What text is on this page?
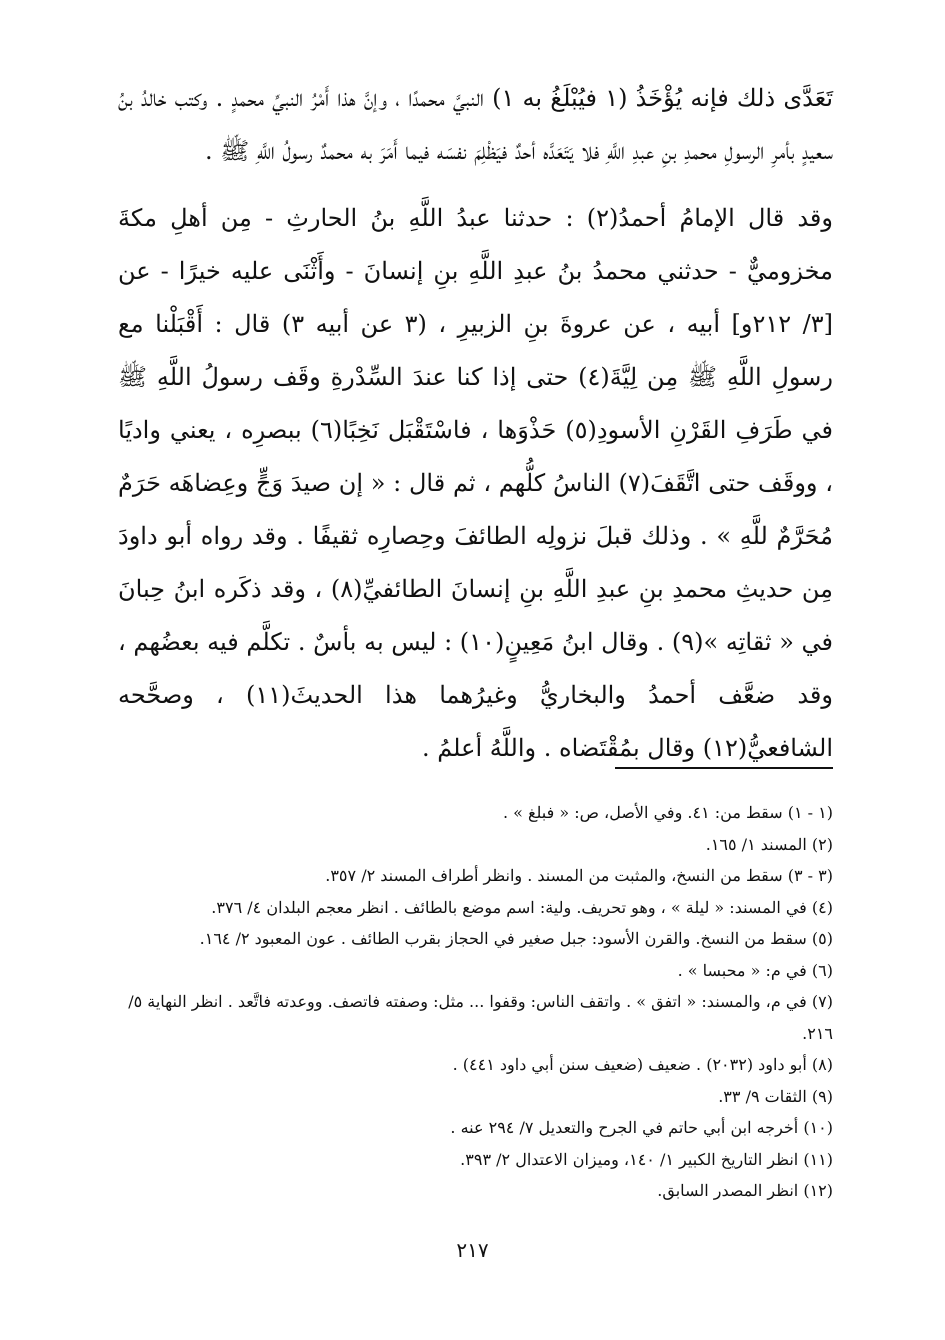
تَعَدَّى ذلك فإنه يُؤْخَذُ (١ فيُبْلَغُ به ١) النبيَّ محمدًا ، وإنَّ هذا أَمْرُ النبيِّ محمدٍ . وكتب خالدُ بنُ سعيدٍ بأمرِ الرسولِ محمدِ بنِ عبدِ اللَّهِ فلا يَتَعَدَّه أحدٌ فيَظْلِمَ نفسَه فيما أَمَرَ به محمدٌ رسولُ اللَّهِ ﷺ .

وقد قال الإمامُ أحمدُ(٢) : حدثنا عبدُ اللَّهِ بنُ الحارثِ - مِن أهلِ مكةَ مخزوميٌّ - حدثني محمدُ بنُ عبدِ اللَّهِ بنِ إنسانَ - وأَثْنَى عليه خيرًا - عن [٣/ ٢١٢و] أبيه ، عن عروةَ بنِ الزبيرِ ، (٣ عن أبيه ٣) قال : أَقْبَلْنا مع رسولِ اللَّهِ ﷺ مِن لِيَّةَ(٤) حتى إذا كنا عندَ السِّدْرةِ وقَف رسولُ اللَّهِ ﷺ في طَرَفِ القَرْنِ الأسودِ(٥) حَذْوَها ، فاسْتَقْبَل نَخِبًا(٦) ببصرِه ، يعني واديًا ، ووقَف حتى اتَّقَفَ(٧) الناسُ كلُّهم ، ثم قال : « إن صيدَ وَجٍّ وعِضاهَه حَرَمٌ مُحَرَّمٌ للَّهِ » . وذلك قبلَ نزولِه الطائفَ وحِصارِه ثقيفًا . وقد رواه أبو داودَ مِن حديثِ محمدِ بنِ عبدِ اللَّهِ بنِ إنسانَ الطائفيِّ(٨) ، وقد ذكَره ابنُ حِبانَ في « ثقاتِه »(٩) . وقال ابنُ مَعِينٍ(١٠) : ليس به بأسٌ . تكلَّم فيه بعضُهم ، وقد ضعَّف أحمدُ والبخاريُّ وغيرُهما هذا الحديثَ(١١) ، وصحَّحه الشافعيُّ(١٢) وقال بمُقْتَضاه . واللَّهُ أعلمُ .

(١ - ١) سقط من: ٤١. وفي الأصل، ص: « فبلغ » .
(٢) المسند ١/ ١٦٥.
(٣ - ٣) سقط من النسخ، والمثبت من المسند . وانظر أطراف المسند ٢/ ٣٥٧.
(٤) في المسند: « ليلة » ، وهو تحريف. ولية: اسم موضع بالطائف . انظر معجم البلدان ٤/ ٣٧٦.
(٥) سقط من النسخ. والقرن الأسود: جبل صغير في الحجاز بقرب الطائف . عون المعبود ٢/ ١٦٤.
(٦) في م: « محبسا » .
(٧) في م، والمسند: « اتفق » . واتقف الناس: وقفوا ... مثل: وصفته فاتصف. ووعدته فاتَّعد . انظر النهاية ٥/ ٢١٦.
(٨) أبو داود (٢٠٣٢) . ضعيف (ضعيف سنن أبي داود ٤٤١) .
(٩) الثقات ٩/ ٣٣.
(١٠) أخرجه ابن أبي حاتم في الجرح والتعديل ٧/ ٢٩٤ عنه .
(١١) انظر التاريخ الكبير ١/ ١٤٠، وميزان الاعتدال ٢/ ٣٩٣.
(١٢) انظر المصدر السابق.
٢١٧
